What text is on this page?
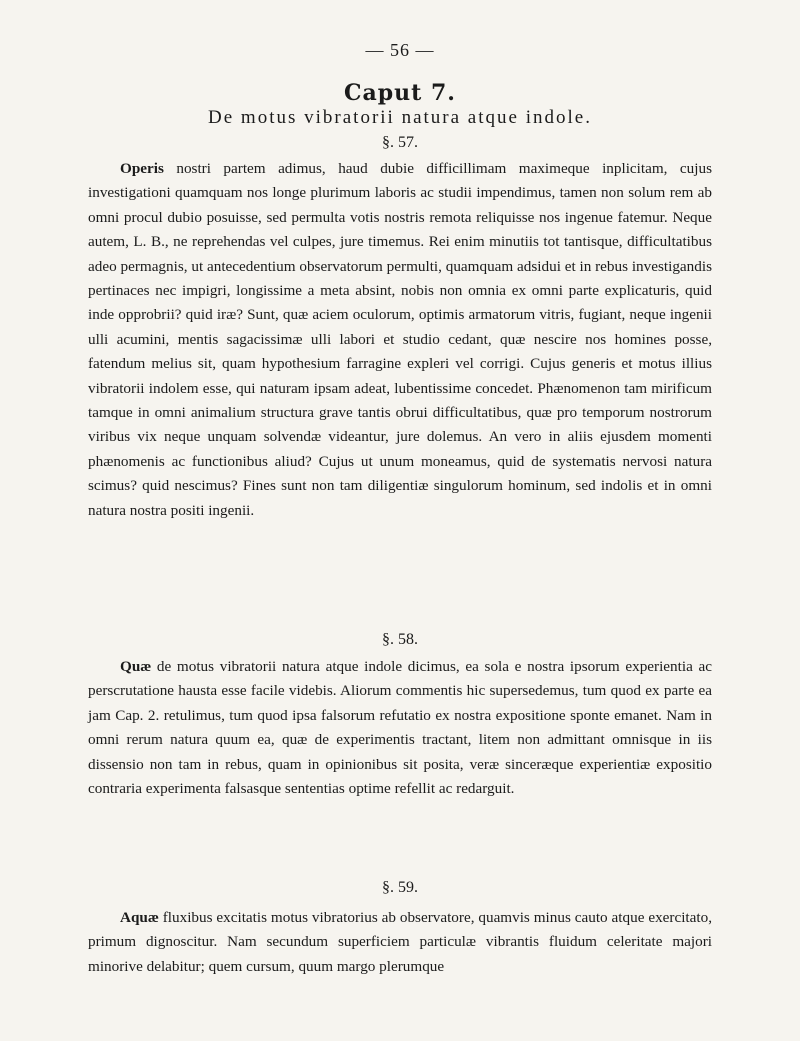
— 56 —
Caput 7.
De motus vibratorii natura atque indole.
§. 57.

Operis nostri partem adimus, haud dubie difficillimam maximeque inplicitam, cujus investigationi quamquam nos longe plurimum laboris ac studii impendimus, tamen non solum rem ab omni procul dubio posuisse, sed permulta votis nostris remota reliquisse nos ingenue fatemur. Neque autem, L. B., ne reprehendas vel culpes, jure timemus. Rei enim minutiis tot tantisque, difficultatibus adeo permagnis, ut antecedentium observatorum permulti, quamquam adsidui et in rebus investigandis pertinaces nec impigri, longissime a meta absint, nobis non omnia ex omni parte explicaturis, quid inde opprobrii? quid iræ? Sunt, quæ aciem oculorum, optimis armatorum vitris, fugiant, neque ingenii ulli acumini, mentis sagacissimæ ulli labori et studio cedant, quæ nescire nos homines posse, fatendum melius sit, quam hypothesium farragine expleri vel corrigi. Cujus generis et motus illius vibratorii indolem esse, qui naturam ipsam adeat, lubentissime concedet. Phænomenon tam mirificum tamque in omni animalium structura grave tantis obrui difficultatibus, quæ pro temporum nostrorum viribus vix neque unquam solvendæ videantur, jure dolemus. An vero in aliis ejusdem momenti phænomenis ac functionibus aliud? Cujus ut unum moneamus, quid de systematis nervosi natura scimus? quid nescimus? Fines sunt non tam diligentiæ singulorum hominum, sed indolis et in omni natura nostra positi ingenii.

§. 58.

Quæ de motus vibratorii natura atque indole dicimus, ea sola e nostra ipsorum experientia ac perscrutatione hausta esse facile videbis. Aliorum commentis hic supersedemus, tum quod ex parte ea jam Cap. 2. retulimus, tum quod ipsa falsorum refutatio ex nostra expositione sponte emanet. Nam in omni rerum natura quum ea, quæ de experimentis tractant, litem non admittant omnisque in iis dissensio non tam in rebus, quam in opinionibus sit posita, veræ sinceræque experientiæ expositio contraria experimenta falsasque sententias optime refellit ac redarguit.

§. 59.

Aquæ fluxibus excitatis motus vibratorius ab observatore, quamvis minus cauto atque exercitato, primum dignoscitur. Nam secundum superficiem particulæ vibrantis fluidum celeritate majori minorive delabitur; quem cursum, quum margo plerumque
